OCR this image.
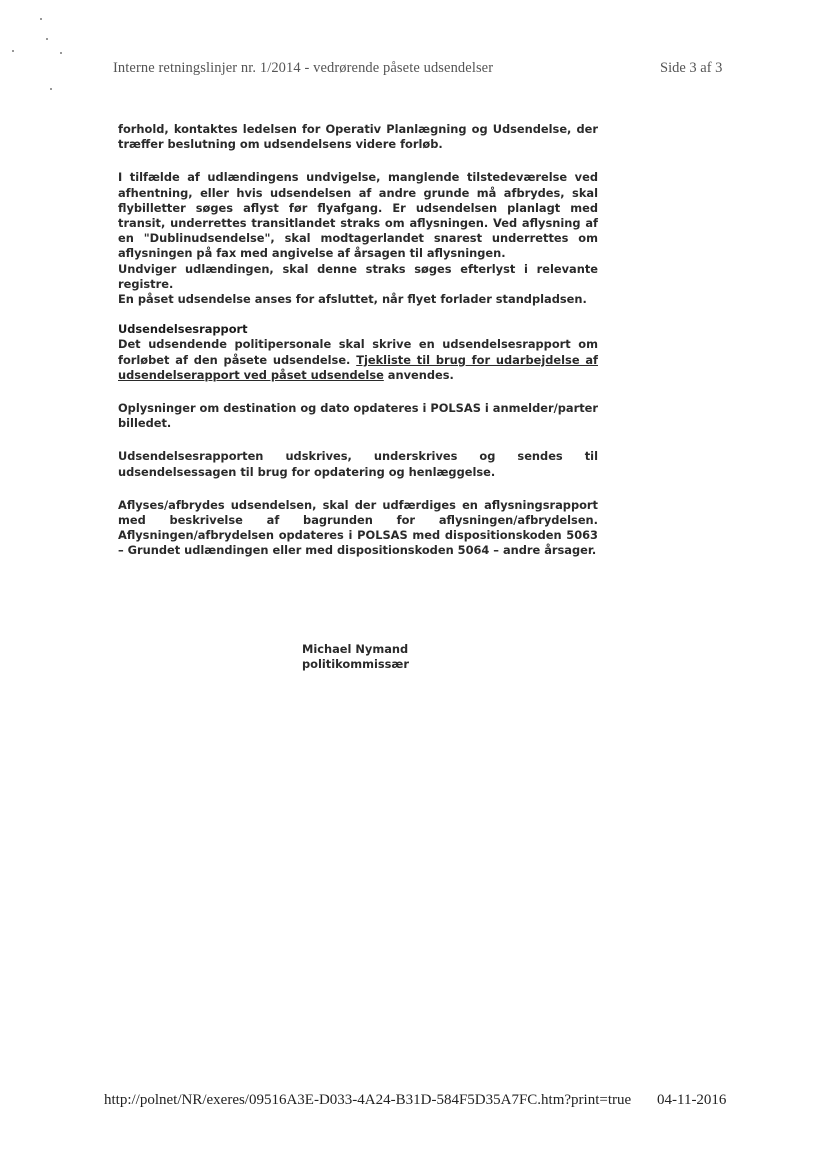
Interne retningslinjer nr. 1/2014 - vedrørende påsete udsendelser	Side 3 af 3

forhold, kontaktes ledelsen for Operativ Planlægning og Udsendelse, der træffer beslutning om udsendelsens videre forløb.

I tilfælde af udlændingens undvigelse, manglende tilstedeværelse ved afhentning, eller hvis udsendelsen af andre grunde må afbrydes, skal flybilletter søges aflyst før flyafgang. Er udsendelsen planlagt med transit, underrettes transitlandet straks om aflysningen. Ved aflysning af en "Dublinudsendelse", skal modtagerlandet snarest underrettes om aflysningen på fax med angivelse af årsagen til aflysningen.

Undviger udlændingen, skal denne straks søges efterlyst i relevante registre.

En påset udsendelse anses for afsluttet, når flyet forlader standpladsen.

Udsendelsesrapport

Det udsendende politipersonale skal skrive en udsendelsesrapport om forløbet af den påsete udsendelse. Tjekliste til brug for udarbejdelse af udsendelserapport ved påset udsendelse anvendes.

Oplysninger om destination og dato opdateres i POLSAS i anmelder/parter billedet.

Udsendelsesrapporten udskrives, underskrives og sendes til udsendelsessagen til brug for opdatering og henlæggelse.

Aflyses/afbrydes udsendelsen, skal der udfærdiges en aflysningsrapport med beskrivelse af bagrunden for aflysningen/afbrydelsen. Aflysningen/afbrydelsen opdateres i POLSAS med dispositionskoden 5063 – Grundet udlændingen eller med dispositionskoden 5064 – andre årsager.

Michael Nymand
politikommissær
http://polnet/NR/exeres/09516A3E-D033-4A24-B31D-584F5D35A7FC.htm?print=true 04-11-2016
